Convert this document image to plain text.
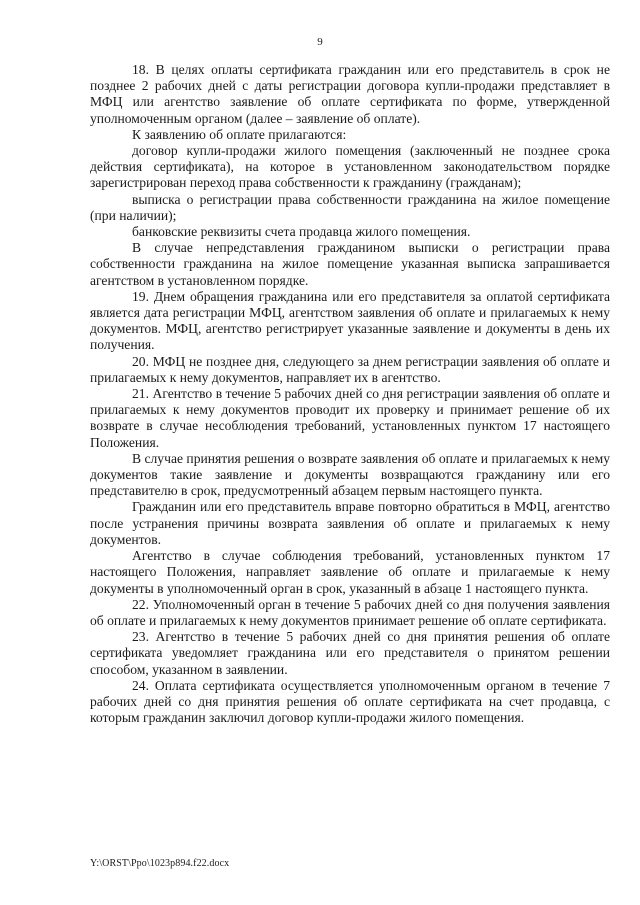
9

18. В целях оплаты сертификата гражданин или его представитель в срок не позднее 2 рабочих дней с даты регистрации договора купли-продажи представляет в МФЦ или агентство заявление об оплате сертификата по форме, утвержденной уполномоченным органом (далее – заявление об оплате).

К заявлению об оплате прилагаются:

договор купли-продажи жилого помещения (заключенный не позднее срока действия сертификата), на которое в установленном законодательством порядке зарегистрирован переход права собственности к гражданину (гражданам);

выписка о регистрации права собственности гражданина на жилое помещение (при наличии);

банковские реквизиты счета продавца жилого помещения.

В случае непредставления гражданином выписки о регистрации права собственности гражданина на жилое помещение указанная выписка запрашивается агентством в установленном порядке.

19. Днем обращения гражданина или его представителя за оплатой сертификата является дата регистрации МФЦ, агентством заявления об оплате и прилагаемых к нему документов. МФЦ, агентство регистрирует указанные заявление и документы в день их получения.

20. МФЦ не позднее дня, следующего за днем регистрации заявления об оплате и прилагаемых к нему документов, направляет их в агентство.

21. Агентство в течение 5 рабочих дней со дня регистрации заявления об оплате и прилагаемых к нему документов проводит их проверку и принимает решение об их возврате в случае несоблюдения требований, установленных пунктом 17 настоящего Положения.

В случае принятия решения о возврате заявления об оплате и прилагаемых к нему документов такие заявление и документы возвращаются гражданину или его представителю в срок, предусмотренный абзацем первым настоящего пункта.

Гражданин или его представитель вправе повторно обратиться в МФЦ, агентство после устранения причины возврата заявления об оплате и прилагаемых к нему документов.

Агентство в случае соблюдения требований, установленных пунктом 17 настоящего Положения, направляет заявление об оплате и прилагаемые к нему документы в уполномоченный орган в срок, указанный в абзаце 1 настоящего пункта.

22. Уполномоченный орган в течение 5 рабочих дней со дня получения заявления об оплате и прилагаемых к нему документов принимает решение об оплате сертификата.

23. Агентство в течение 5 рабочих дней со дня принятия решения об оплате сертификата уведомляет гражданина или его представителя о принятом решении способом, указанном в заявлении.

24. Оплата сертификата осуществляется уполномоченным органом в течение 7 рабочих дней со дня принятия решения об оплате сертификата на счет продавца, с которым гражданин заключил договор купли-продажи жилого помещения.

Y:\ORST\Ppo\1023p894.f22.docx
